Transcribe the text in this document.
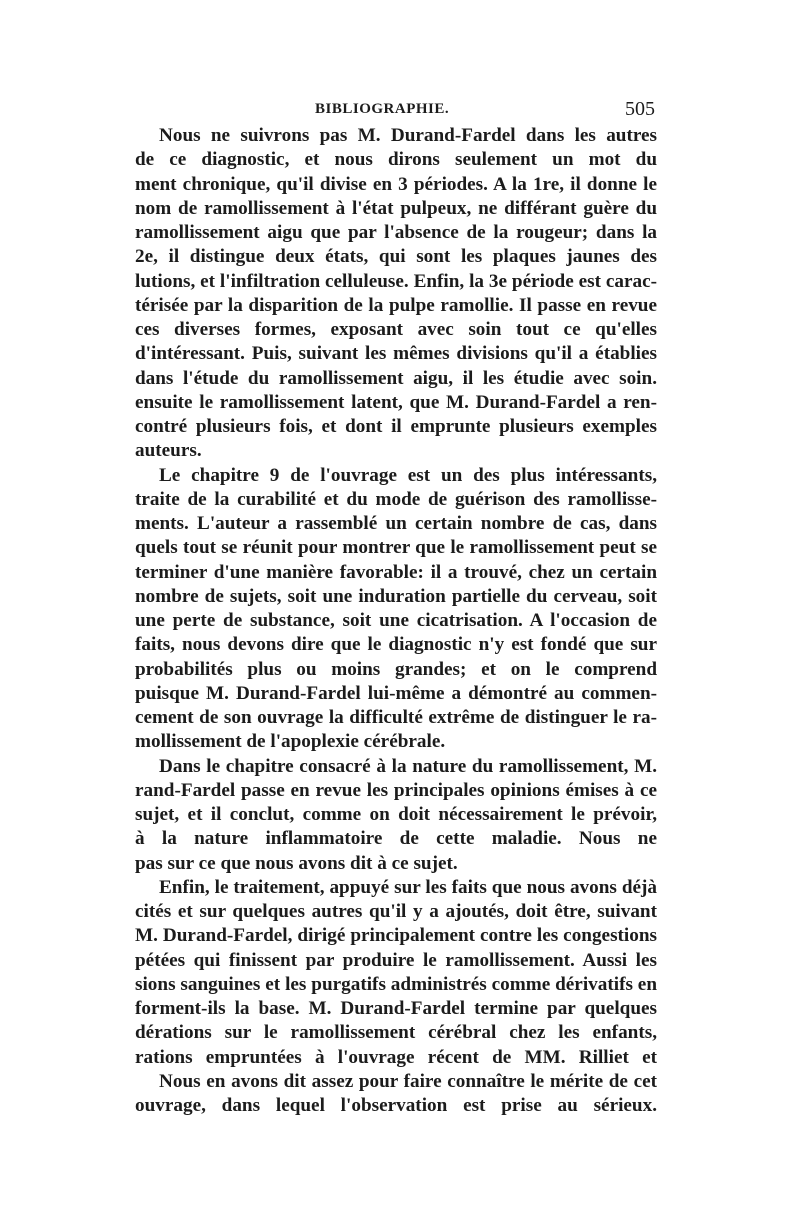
BIBLIOGRAPHIE.	505
Nous ne suivrons pas M. Durand-Fardel dans les autres
de ce diagnostic, et nous dirons seulement un mot du
ment chronique, qu'il divise en 3 périodes. A la 1re, il donne le
nom de ramollissement à l'état pulpeux, ne différant guère du
ramollissement aigu que par l'absence de la rougeur; dans la
2e, il distingue deux états, qui sont les plaques jaunes des
lutions, et l'infiltration celluleuse. Enfin, la 3e période est carac-
térisée par la disparition de la pulpe ramollie. Il passe en revue
ces diverses formes, exposant avec soin tout ce qu'elles
d'intéressant. Puis, suivant les mêmes divisions qu'il a établies
dans l'étude du ramollissement aigu, il les étudie avec soin.
ensuite le ramollissement latent, que M. Durand-Fardel a ren-
contré plusieurs fois, et dont il emprunte plusieurs exemples
auteurs.
Le chapitre 9 de l'ouvrage est un des plus intéressants,
traite de la curabilité et du mode de guérison des ramollisse-
ments. L'auteur a rassemblé un certain nombre de cas, dans
quels tout se réunit pour montrer que le ramollissement peut se
terminer d'une manière favorable: il a trouvé, chez un certain
nombre de sujets, soit une induration partielle du cerveau, soit
une perte de substance, soit une cicatrisation. A l'occasion de
faits, nous devons dire que le diagnostic n'y est fondé que sur
probabilités plus ou moins grandes; et on le comprend
puisque M. Durand-Fardel lui-même a démontré au commen-
cement de son ouvrage la difficulté extrême de distinguer le ra-
mollissement de l'apoplexie cérébrale.
Dans le chapitre consacré à la nature du ramollissement, M.
rand-Fardel passe en revue les principales opinions émises à ce
sujet, et il conclut, comme on doit nécessairement le prévoir,
à la nature inflammatoire de cette maladie. Nous ne
pas sur ce que nous avons dit à ce sujet.
Enfin, le traitement, appuyé sur les faits que nous avons déjà
cités et sur quelques autres qu'il y a ajoutés, doit être, suivant
M. Durand-Fardel, dirigé principalement contre les congestions
pétées qui finissent par produire le ramollissement. Aussi les
sions sanguines et les purgatifs administrés comme dérivatifs en
forment-ils la base. M. Durand-Fardel termine par quelques
dérations sur le ramollissement cérébral chez les enfants,
rations empruntées à l'ouvrage récent de MM. Rilliet et
Nous en avons dit assez pour faire connaître le mérite de cet
ouvrage, dans lequel l'observation est prise au sérieux.
